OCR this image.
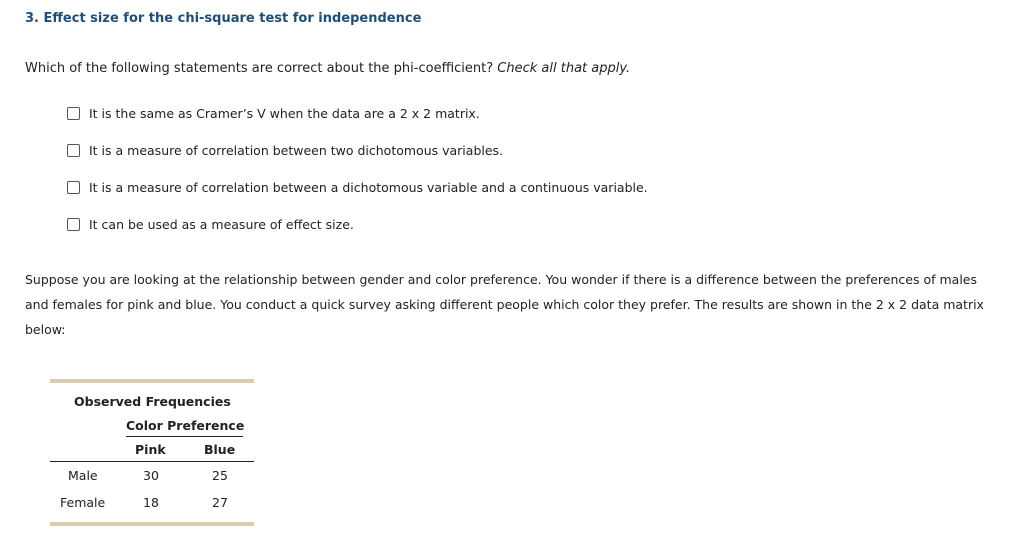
3. Effect size for the chi-square test for independence
Which of the following statements are correct about the phi-coefficient? Check all that apply.
It is the same as Cramer’s V when the data are a 2 x 2 matrix.
It is a measure of correlation between two dichotomous variables.
It is a measure of correlation between a dichotomous variable and a continuous variable.
It can be used as a measure of effect size.
Suppose you are looking at the relationship between gender and color preference. You wonder if there is a difference between the preferences of males and females for pink and blue. You conduct a quick survey asking different people which color they prefer. The results are shown in the 2 x 2 data matrix below:
Observed Frequencies
Color Preference
Pink	Blue
Male	30	25
Female	18	27
